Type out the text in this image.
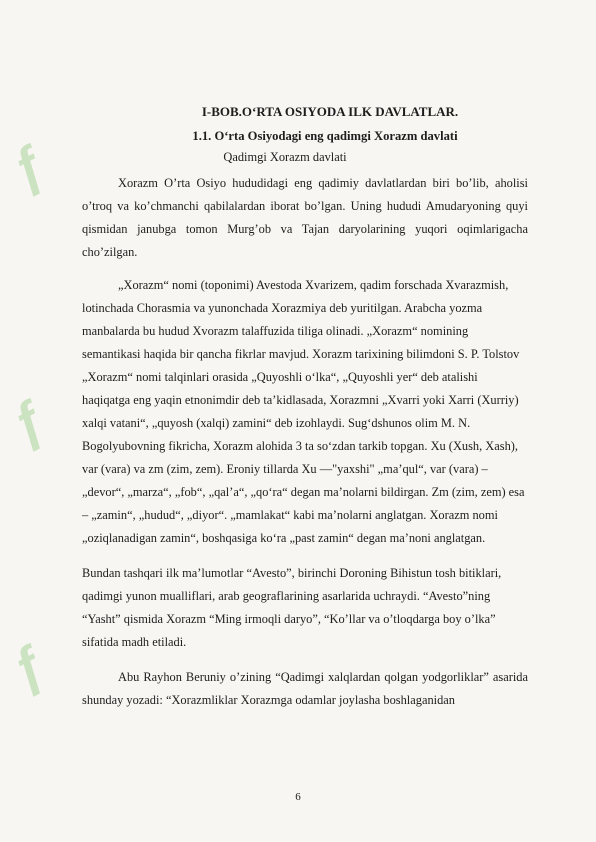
ƒ
ƒ
ƒ
I-BOB.O‘RTA OSIYODA ILK DAVLATLAR.
1.1. O‘rta Osiyodagi eng qadimgi Xorazm davlati
Qadimgi Xorazm davlati

Xorazm O’rta Osiyo hududidagi eng qadimiy davlatlardan biri bo’lib, aholisi o’troq va ko’chmanchi qabilalardan iborat bo’lgan. Uning hududi Amudaryoning quyi qismidan janubga tomon Murg’ob va Tajan daryolarining yuqori oqimlarigacha cho’zilgan.

„Xorazm“ nomi (toponimi) Avestoda Xvarizem, qadim forschada Xvarazmish, lotinchada Chorasmia va yunonchada Xorazmiya deb yuritilgan. Arabcha yozma manbalarda bu hudud Xvorazm talaffuzida tiliga olinadi. „Xorazm“ nomining semantikasi haqida bir qancha fikrlar mavjud. Xorazm tarixining bilimdoni S. P. Tolstov „Xorazm“ nomi talqinlari orasida „Quyoshli o‘lka“, „Quyoshli yer“ deb atalishi haqiqatga eng yaqin etnonimdir deb ta’kidlasada, Xorazmni „Xvarri yoki Xarri (Xurriy) xalqi vatani“, „quyosh (xalqi) zamini“ deb izohlaydi. Sug‘dshunos olim M. N. Bogolyubovning fikricha, Xorazm alohida 3 ta so‘zdan tarkib topgan. Xu (Xush, Xash), var (vara) va zm (zim, zem). Eroniy tillarda Xu —"yaxshi" „ma’qul“, var (vara) – „devor“, „marza“, „fob“, „qal’a“, „qo‘ra“ degan ma’nolarni bildirgan. Zm (zim, zem) esa – „zamin“, „hudud“, „diyor“. „mamlakat“ kabi ma’nolarni anglatgan. Xorazm nomi „oziqlanadigan zamin“, boshqasiga ko‘ra „past zamin“ degan ma’noni anglatgan.

Bundan tashqari ilk ma’lumotlar “Avesto”, birinchi Doroning Bihistun tosh bitiklari, qadimgi yunon mualliflari, arab geograflarining asarlarida uchraydi. “Avesto”ning “Yasht” qismida Xorazm “Ming irmoqli daryo”, “Ko’llar va o’tloqdarga boy o’lka” sifatida madh etiladi.

Abu Rayhon Beruniy o’zining “Qadimgi xalqlardan qolgan yodgorliklar” asarida shunday yozadi: “Xorazmliklar Xorazmga odamlar joylasha boshlaganidan

6
